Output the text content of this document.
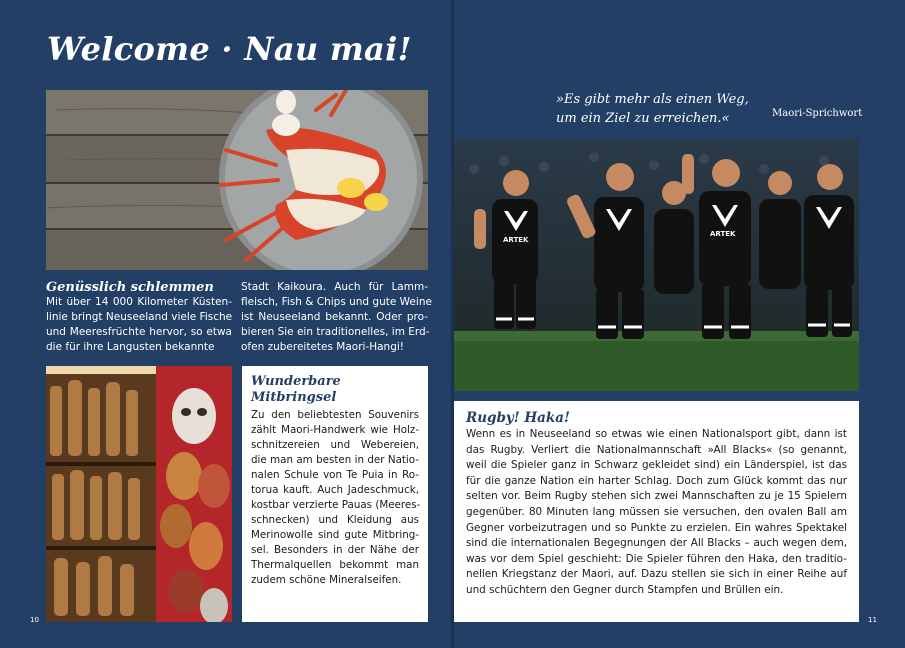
Welcome · Nau mai!
Genüsslich schlemmen
Mit über 14 000 Kilometer Küsten-
linie bringt Neuseeland viele Fische
und Meeresfrüchte hervor, so etwa
die für ihre Langusten bekannte
Stadt Kaikoura. Auch für Lamm-
fleisch, Fish & Chips und gute Weine
ist Neuseeland bekannt. Oder pro-
bieren Sie ein traditionelles, im Erd-
ofen zubereitetes Maori-Hangi!
Wunderbare
Mitbringsel
Zu den beliebtesten Souvenirs
zählt Maori-Handwerk wie Holz-
schnitzereien und Webereien,
die man am besten in der Natio-
nalen Schule von Te Puia in Ro-
torua kauft. Auch Jadeschmuck,
kostbar verzierte Pauas (Meeres-
schnecken) und Kleidung aus
Merinowolle sind gute Mitbring-
sel. Besonders in der Nähe der
Thermalquellen bekommt man
zudem schöne Mineralseifen.
10
»Es gibt mehr als einen Weg,
um ein Ziel zu erreichen.«	Maori-Sprichwort
ARTEK
ARTEK
Rugby! Haka!
Wenn es in Neuseeland so etwas wie einen Nationalsport gibt, dann ist
das Rugby. Verliert die Nationalmannschaft »All Blacks« (so genannt,
weil die Spieler ganz in Schwarz gekleidet sind) ein Länderspiel, ist das
für die ganze Nation ein harter Schlag. Doch zum Glück kommt das nur
selten vor. Beim Rugby stehen sich zwei Mannschaften zu je 15 Spielern
gegenüber. 80 Minuten lang müssen sie versuchen, den ovalen Ball am
Gegner vorbeizutragen und so Punkte zu erzielen. Ein wahres Spektakel
sind die internationalen Begegnungen der All Blacks – auch wegen dem,
was vor dem Spiel geschieht: Die Spieler führen den Haka, den traditio-
nellen Kriegstanz der Maori, auf. Dazu stellen sie sich in einer Reihe auf
und schüchtern den Gegner durch Stampfen und Brüllen ein.
11
